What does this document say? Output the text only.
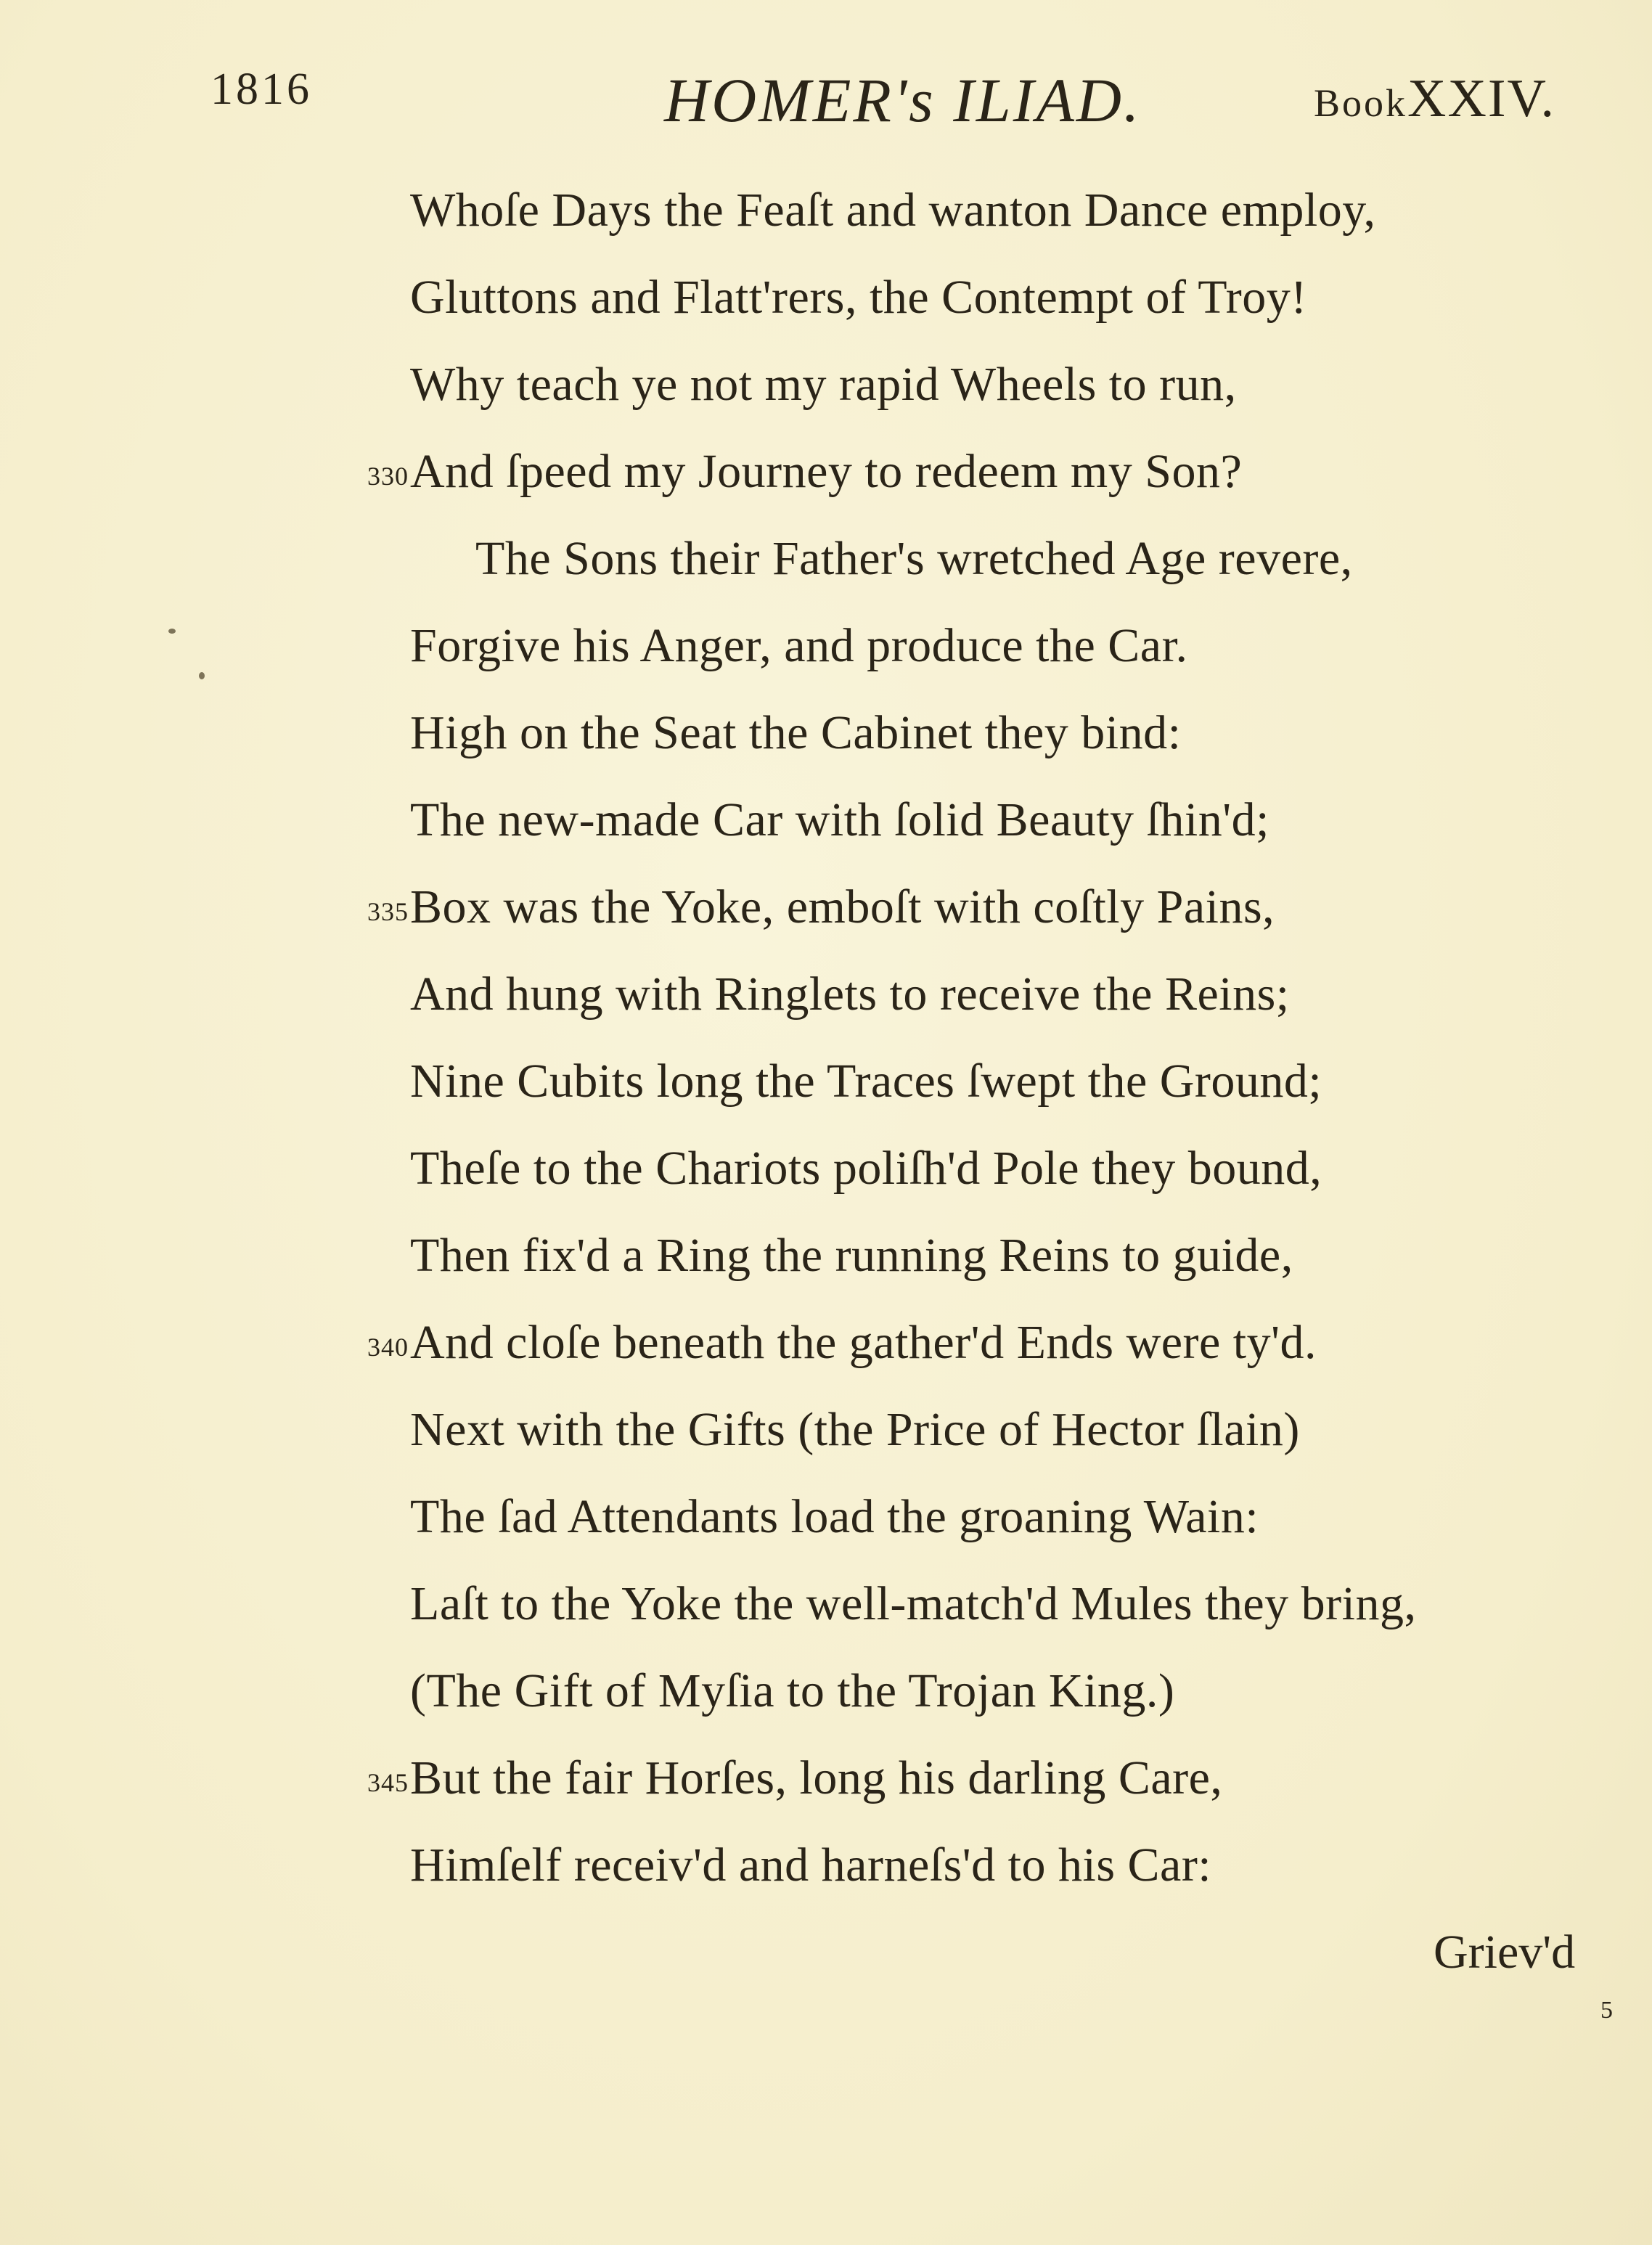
1816	HOMER's ILIAD.	BookXXIV.
Whoſe Days the Feaſt and wanton Dance employ,
Gluttons and Flatt'rers, the Contempt of Troy!
Why teach ye not my rapid Wheels to run,
330 And ſpeed my Journey to redeem my Son?
The Sons their Father's wretched Age revere,
Forgive his Anger, and produce the Car.
High on the Seat the Cabinet they bind:
The new-made Car with ſolid Beauty ſhin'd;
335 Box was the Yoke, emboſt with coſtly Pains,
And hung with Ringlets to receive the Reins;
Nine Cubits long the Traces ſwept the Ground;
Theſe to the Chariots poliſh'd Pole they bound,
Then fix'd a Ring the running Reins to guide,
340 And cloſe beneath the gather'd Ends were ty'd.
Next with the Gifts (the Price of Hector ſlain)
The ſad Attendants load the groaning Wain:
Laſt to the Yoke the well-match'd Mules they bring,
(The Gift of Myſia to the Trojan King.)
345 But the fair Horſes, long his darling Care,
Himſelf receiv'd and harneſs'd to his Car:
Griev'd
5
